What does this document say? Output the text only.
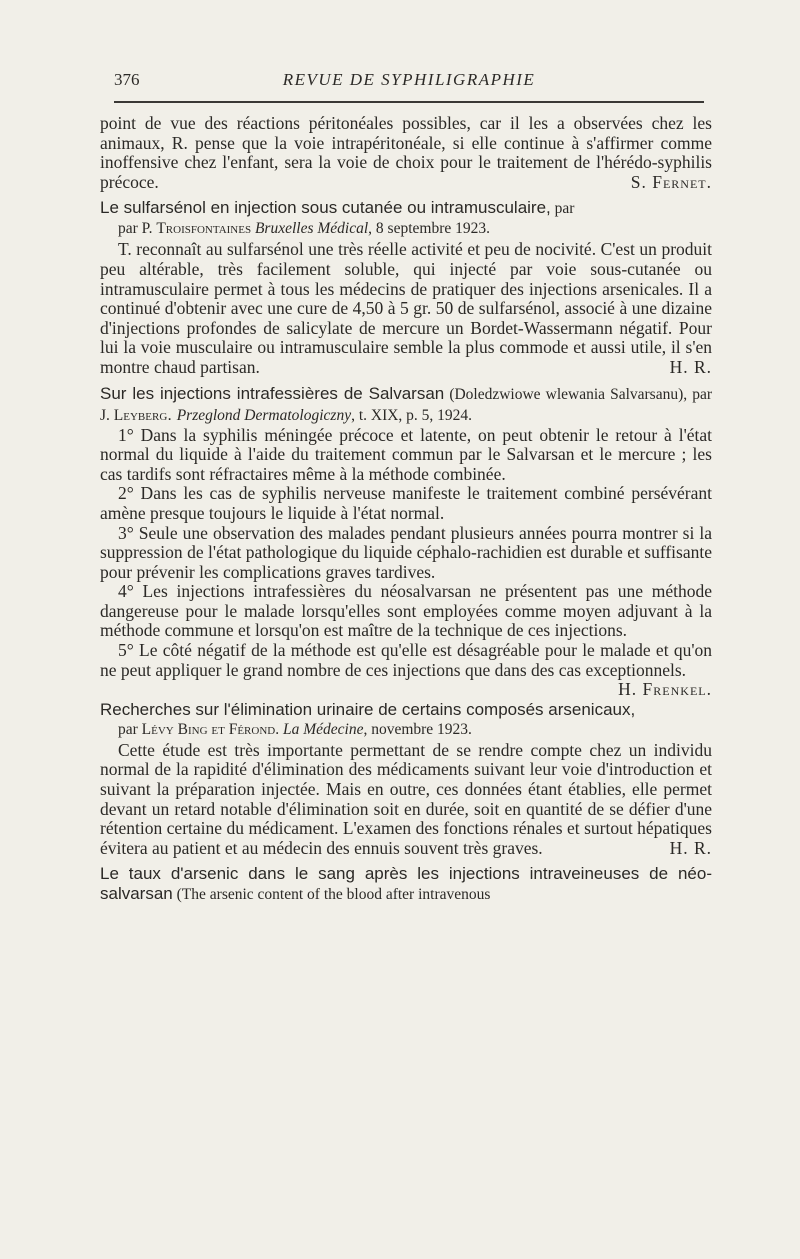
376	REVUE DE SYPHILIGRAPHIE

point de vue des réactions péritonéales possibles, car il les a observées chez les animaux, R. pense que la voie intrapéritonéale, si elle continue à s'affirmer comme inoffensive chez l'enfant, sera la voie de choix pour le traitement de l'hérédo-syphilis précoce.	S. Fernet.

Le sulfarsénol en injection sous cutanée ou intramusculaire, par

par P. Troisfontaines Bruxelles Médical, 8 septembre 1923.

T. reconnaît au sulfarsénol une très réelle activité et peu de nocivité. C'est un produit peu altérable, très facilement soluble, qui injecté par voie sous-cutanée ou intramusculaire permet à tous les médecins de pratiquer des injections arsenicales. Il a continué d'obtenir avec une cure de 4,50 à 5 gr. 50 de sulfarsénol, associé à une dizaine d'injections profondes de salicylate de mercure un Bordet-Wassermann négatif. Pour lui la voie musculaire ou intramusculaire semble la plus commode et aussi utile, il s'en montre chaud partisan.	H. R.

Sur les injections intrafessières de Salvarsan (Doledzwiowe wlewania Salvarsanu), par J. Leyberg. Przeglond Dermatologiczny, t. XIX, p. 5, 1924.

1° Dans la syphilis méningée précoce et latente, on peut obtenir le retour à l'état normal du liquide à l'aide du traitement commun par le Salvarsan et le mercure ; les cas tardifs sont réfractaires même à la méthode combinée.

2° Dans les cas de syphilis nerveuse manifeste le traitement combiné persévérant amène presque toujours le liquide à l'état normal.

3° Seule une observation des malades pendant plusieurs années pourra montrer si la suppression de l'état pathologique du liquide céphalo-rachidien est durable et suffisante pour prévenir les complications graves tardives.

4° Les injections intrafessières du néosalvarsan ne présentent pas une méthode dangereuse pour le malade lorsqu'elles sont employées comme moyen adjuvant à la méthode commune et lorsqu'on est maître de la technique de ces injections.

5° Le côté négatif de la méthode est qu'elle est désagréable pour le malade et qu'on ne peut appliquer le grand nombre de ces injections que dans des cas exceptionnels.
H. Frenkel.

Recherches sur l'élimination urinaire de certains composés arsenicaux,

par Lévy Bing et Férond. La Médecine, novembre 1923.

Cette étude est très importante permettant de se rendre compte chez un individu normal de la rapidité d'élimination des médicaments suivant leur voie d'introduction et suivant la préparation injectée. Mais en outre, ces données étant établies, elle permet devant un retard notable d'élimination soit en durée, soit en quantité de se défier d'une rétention certaine du médicament. L'examen des fonctions rénales et surtout hépatiques évitera au patient et au médecin des ennuis souvent très graves.	H. R.

Le taux d'arsenic dans le sang après les injections intraveineuses de néo-salvarsan (The arsenic content of the blood after intravenous
